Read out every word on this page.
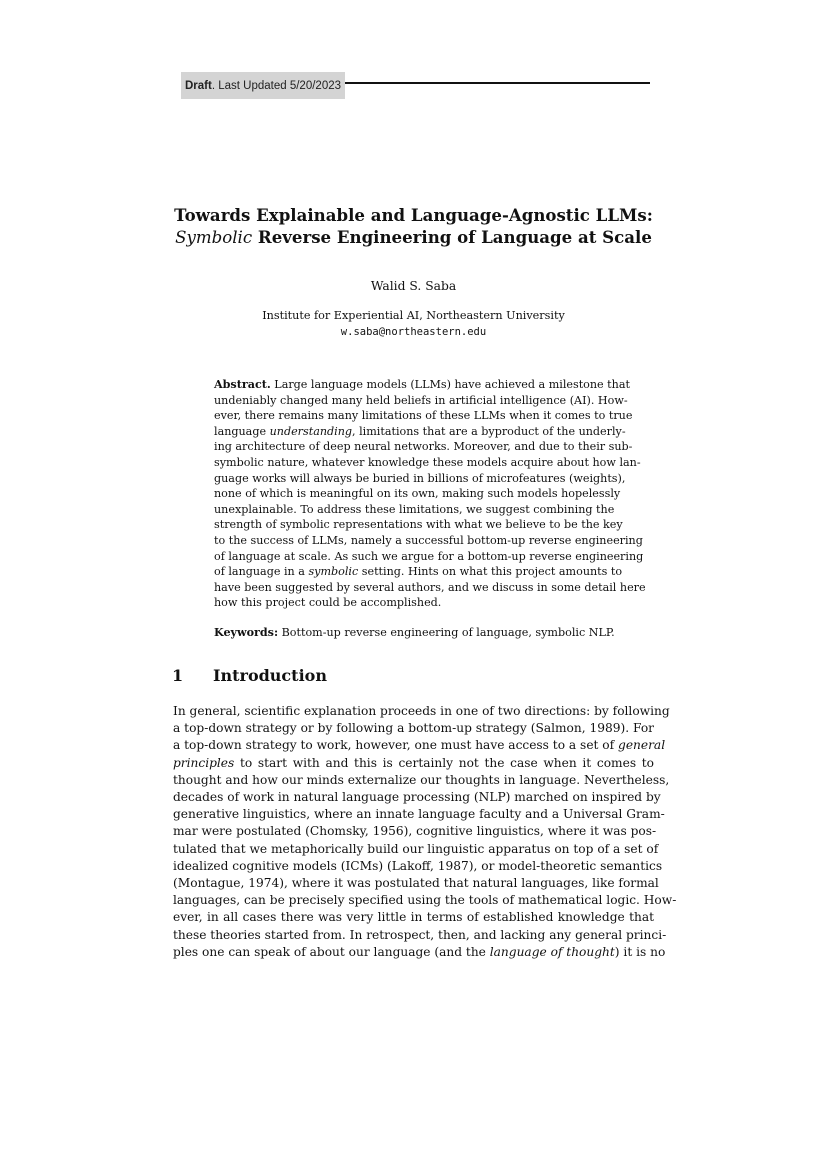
Draft . Last Updated 5/20/2023
Towards Explainable and Language-Agnostic LLMs:
Symbolic Reverse Engineering of Language at Scale
Walid S. Saba
Institute for Experiential AI, Northeastern University
w.saba@northeastern.edu
Abstract. Large language models (LLMs) have achieved a milestone that
undeniably changed many held beliefs in artificial intelligence (AI). How-
ever, there remains many limitations of these LLMs when it comes to true
language understanding, limitations that are a byproduct of the underly-
ing architecture of deep neural networks. Moreover, and due to their sub-
symbolic nature, whatever knowledge these models acquire about how lan-
guage works will always be buried in billions of microfeatures (weights),
none of which is meaningful on its own, making such models hopelessly
unexplainable. To address these limitations, we suggest combining the
strength of symbolic representations with what we believe to be the key
to the success of LLMs, namely a successful bottom-up reverse engineering
of language at scale. As such we argue for a bottom-up reverse engineering
of language in a symbolic setting. Hints on what this project amounts to
have been suggested by several authors, and we discuss in some detail here
how this project could be accomplished.
Keywords: Bottom-up reverse engineering of language, symbolic NLP.
1 Introduction
In general, scientific explanation proceeds in one of two directions: by following
a top-down strategy or by following a bottom-up strategy (Salmon, 1989). For
a top-down strategy to work, however, one must have access to a set of general
principles to start with and this is certainly not the case when it comes to
thought and how our minds externalize our thoughts in language. Nevertheless,
decades of work in natural language processing (NLP) marched on inspired by
generative linguistics, where an innate language faculty and a Universal Gram-
mar were postulated (Chomsky, 1956), cognitive linguistics, where it was pos-
tulated that we metaphorically build our linguistic apparatus on top of a set of
idealized cognitive models (ICMs) (Lakoff, 1987), or model-theoretic semantics
(Montague, 1974), where it was postulated that natural languages, like formal
languages, can be precisely specified using the tools of mathematical logic. How-
ever, in all cases there was very little in terms of established knowledge that
these theories started from. In retrospect, then, and lacking any general princi-
ples one can speak of about our language (and the language of thought) it is no
